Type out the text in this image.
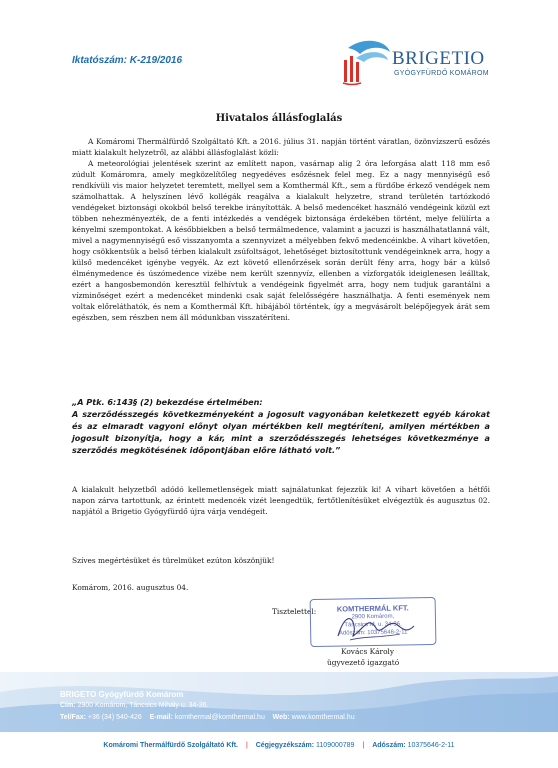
Iktatószám: K-219/2016	BRIGETIO
GYÓGYFÜRDŐ KOMÁROM
Hivatalos állásfoglalás

A Komáromi Thermálfürdő Szolgáltató Kft. a 2016. július 31. napján történt váratlan, özönvízszerű esőzés miatt kialakult helyzetről, az alábbi állásfoglalást közli:

A meteorológiai jelentések szerint az említett napon, vasárnap alig 2 óra leforgása alatt 118 mm eső zúdult Komáromra, amely megközelítőleg negyedéves esőzésnek felel meg. Ez a nagy mennyiségű eső rendkívüli vis maior helyzetet teremtett, mellyel sem a Komthermál Kft., sem a fürdőbe érkező vendégek nem számolhattak. A helyszínen lévő kollégák reagálva a kialakult helyzetre, strand területén tartózkodó vendégeket biztonsági okokból belső terekbe irányították. A belső medencéket használó vendégeink közül ezt többen nehezményezték, de a fenti intézkedés a vendégek biztonsága érdekében történt, melye felülírta a kényelmi szempontokat. A későbbiekben a belső termálmedence, valamint a jacuzzi is használhatatlanná vált, mivel a nagymennyiségű eső visszanyomta a szennyvizet a mélyebben fekvő medencéinkbe. A vihart követően, hogy csökkentsük a belső térben kialakult zsúfoltságot, lehetőséget biztosítottunk vendégeinknek arra, hogy a külső medencéket igénybe vegyék. Az ezt követő ellenőrzések során derült fény arra, hogy bár a külső élménymedence és úszómedence vizébe nem került szennyvíz, ellenben a vízforgatók ideiglenesen leálltak, ezért a hangosbemondón keresztül felhívtuk a vendégeink figyelmét arra, hogy nem tudjuk garantálni a vízminőséget ezért a medencéket mindenki csak saját felelősségére használhatja. A fenti események nem voltak előreláthatók, és nem a Komthermál Kft. hibájából történtek, így a megvásárolt belépőjegyek árát sem egészben, sem részben nem áll módunkban visszatéríteni.

„A Ptk. 6:143§ (2) bekezdése értelmében:
A szerződésszegés következményeként a jogosult vagyonában keletkezett egyéb károkat és az elmaradt vagyoni előnyt olyan mértékben kell megtéríteni, amilyen mértékben a jogosult bizonyítja, hogy a kár, mint a szerződésszegés lehetséges következménye a szerződés megkötésének időpontjában előre látható volt.”
A kialakult helyzetből adódó kellemetlenségek miatt sajnálatunkat fejezzük ki! A vihart követően a hétfői napon zárva tartottunk, az érintett medencék vizét leengedtük, fertőtlenítésüket elvégeztük és augusztus 02. napjától a Brigetio Gyógyfürdő újra várja vendégeit.
Szíves megértésüket és türelmüket ezúton köszönjük!
Komárom, 2016. augusztus 04.
Tisztelettel:	KOMTHERMÁL KFT.
2900 Komárom,
Táncsics M. u. 34-36.
Adószám: 10375646-2-11
Kovács Károly
ügyvezető igazgató
BRIGETO Gyógyfürdő Komárom
Cím: 2900 Komárom, Táncsics Mihály u. 34-36.
Tel/Fax: +36 (34) 540-426 E-mail: komthermal@komthermal.hu Web: www.komthermal.hu
Komáromi Thermálfürdő Szolgáltató Kft. | Cégjegyzékszám: 1109000789 | Adószám: 10375646-2-11
